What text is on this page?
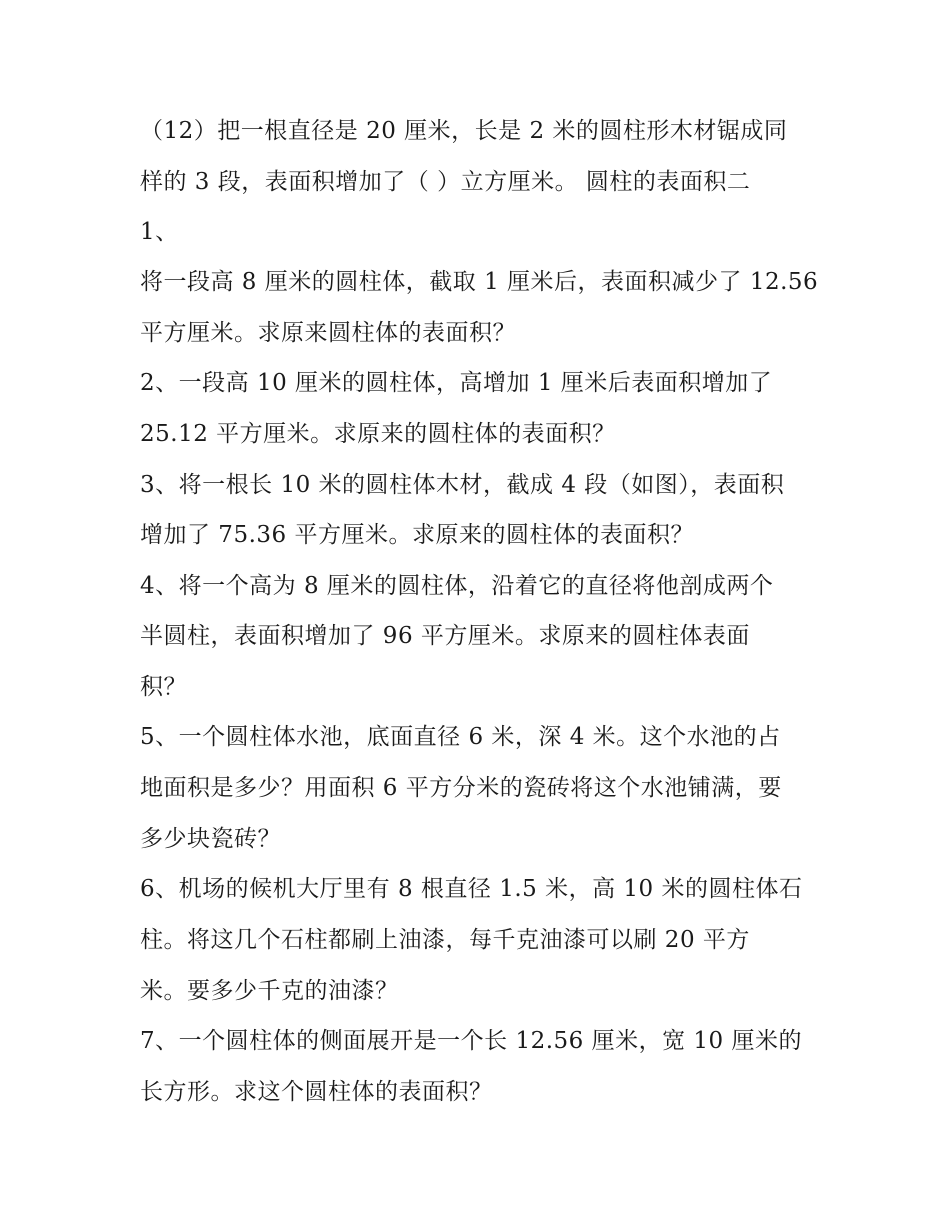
（12）把一根直径是 20 厘米，长是 2 米的圆柱形木材锯成同
样的 3 段，表面积增加了（ ）立方厘米。 圆柱的表面积二
1、
将一段高 8 厘米的圆柱体，截取 1 厘米后，表面积减少了 12.56
平方厘米。求原来圆柱体的表面积？
2、一段高 10 厘米的圆柱体，高增加 1 厘米后表面积增加了
25.12 平方厘米。求原来的圆柱体的表面积？
3、将一根长 10 米的圆柱体木材，截成 4 段（如图），表面积
增加了 75.36 平方厘米。求原来的圆柱体的表面积？
4、将一个高为 8 厘米的圆柱体，沿着它的直径将他剖成两个
半圆柱，表面积增加了 96 平方厘米。求原来的圆柱体表面
积？
5、一个圆柱体水池，底面直径 6 米，深 4 米。这个水池的占
地面积是多少？用面积 6 平方分米的瓷砖将这个水池铺满，要
多少块瓷砖？
6、机场的候机大厅里有 8 根直径 1.5 米，高 10 米的圆柱体石
柱。将这几个石柱都刷上油漆，每千克油漆可以刷 20 平方
米。要多少千克的油漆？
7、一个圆柱体的侧面展开是一个长 12.56 厘米，宽 10 厘米的
长方形。求这个圆柱体的表面积？
